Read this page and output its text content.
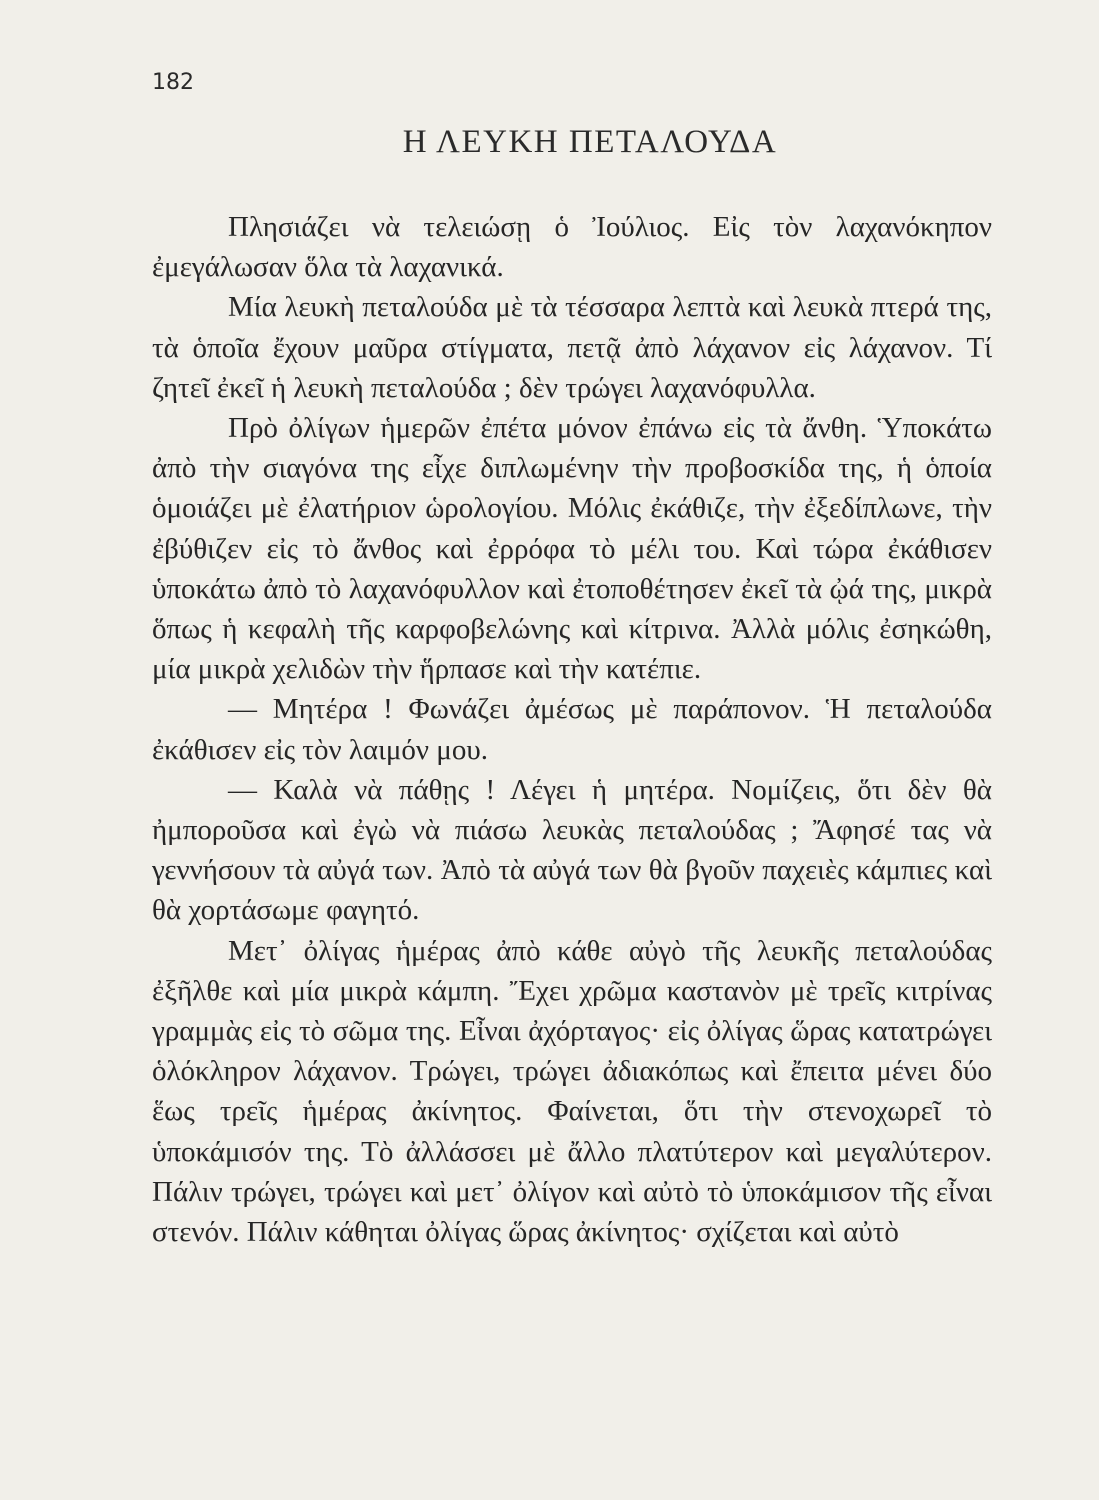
182
Η ΛΕΥΚΗ ΠΕΤΑΛΟΥΔΑ

Πλησιάζει νὰ τελειώσῃ ὁ Ἰούλιος. Εἰς τὸν λαχανόκηπον ἐμεγάλωσαν ὅλα τὰ λαχανικά.

Μία λευκὴ πεταλούδα μὲ τὰ τέσσαρα λεπτὰ καὶ λευκὰ πτερά της, τὰ ὁποῖα ἔχουν μαῦρα στίγματα, πετᾷ ἀπὸ λάχανον εἰς λάχανον. Τί ζητεῖ ἐκεῖ ἡ λευκὴ πεταλούδα ; δὲν τρώγει λαχανόφυλλα.

Πρὸ ὀλίγων ἡμερῶν ἐπέτα μόνον ἐπάνω εἰς τὰ ἄνθη. Ὑποκάτω ἀπὸ τὴν σιαγόνα της εἶχε διπλωμένην τὴν προβοσκίδα της, ἡ ὁποία ὁμοιάζει μὲ ἐλατήριον ὡρολογίου. Μόλις ἐκάθιζε, τὴν ἐξεδίπλωνε, τὴν ἐβύθιζεν εἰς τὸ ἄνθος καὶ ἐρρόφα τὸ μέλι του. Καὶ τώρα ἐκάθισεν ὑποκάτω ἀπὸ τὸ λαχανόφυλλον καὶ ἐτοποθέτησεν ἐκεῖ τὰ ᾠά της, μικρὰ ὅπως ἡ κεφαλὴ τῆς καρφοβελώνης καὶ κίτρινα. Ἀλλὰ μόλις ἐσηκώθη, μία μικρὰ χελιδὼν τὴν ἥρπασε καὶ τὴν κατέπιε.

— Μητέρα ! Φωνάζει ἀμέσως μὲ παράπονον. Ἡ πεταλούδα ἐκάθισεν εἰς τὸν λαιμόν μου.

— Καλὰ νὰ πάθῃς ! Λέγει ἡ μητέρα. Νομίζεις, ὅτι δὲν θὰ ἠμποροῦσα καὶ ἐγὼ νὰ πιάσω λευκὰς πεταλούδας ; Ἄφησέ τας νὰ γεννήσουν τὰ αὐγά των. Ἀπὸ τὰ αὐγά των θὰ βγοῦν παχειὲς κάμπιες καὶ θὰ χορτάσωμε φαγητό.

Μετ᾿ ὀλίγας ἡμέρας ἀπὸ κάθε αὐγὸ τῆς λευκῆς πεταλούδας ἐξῆλθε καὶ μία μικρὰ κάμπη. Ἔχει χρῶμα καστανὸν μὲ τρεῖς κιτρίνας γραμμὰς εἰς τὸ σῶμα της. Εἶναι ἀχόρταγος· εἰς ὀλίγας ὥρας κατατρώγει ὁλόκληρον λάχανον. Τρώγει, τρώγει ἀδιακόπως καὶ ἔπειτα μένει δύο ἕως τρεῖς ἡμέρας ἀκίνητος. Φαίνεται, ὅτι τὴν στενοχωρεῖ τὸ ὑποκάμισόν της. Τὸ ἀλλάσσει μὲ ἄλλο πλατύτερον καὶ μεγαλύτερον. Πάλιν τρώγει, τρώγει καὶ μετ᾿ ὀλίγον καὶ αὐτὸ τὸ ὑποκάμισον τῆς εἶναι στενόν. Πάλιν κάθηται ὀλίγας ὥρας ἀκίνητος· σχίζεται καὶ αὐτὸ
